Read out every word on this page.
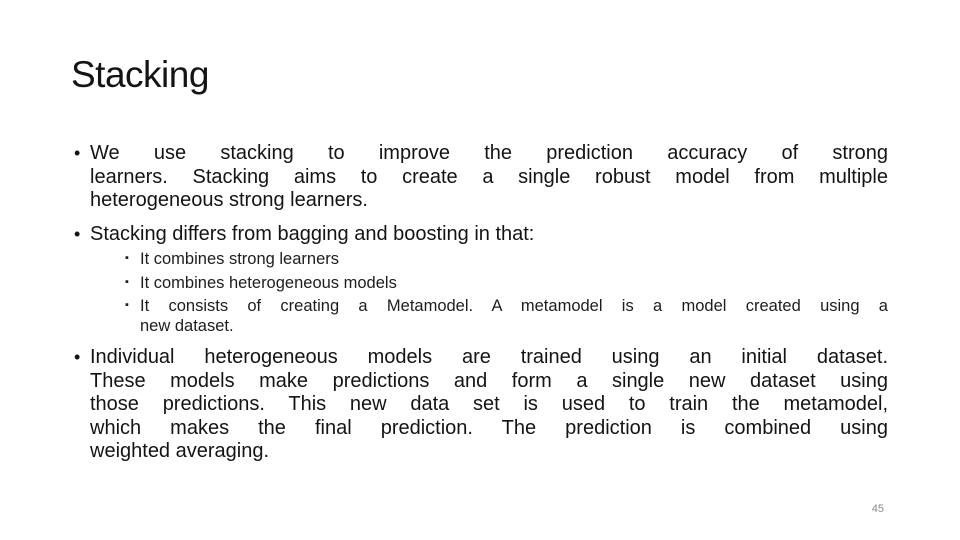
Stacking
• We use stacking to improve the prediction accuracy of strong
learners. Stacking aims to create a single robust model from multiple
heterogeneous strong learners.
• Stacking differs from bagging and boosting in that:
▪ It combines strong learners
▪ It combines heterogeneous models
▪ It consists of creating a Metamodel. A metamodel is a model created using a
new dataset.
• Individual heterogeneous models are trained using an initial dataset.
These models make predictions and form a single new dataset using
those predictions. This new data set is used to train the metamodel,
which makes the final prediction. The prediction is combined using
weighted averaging.
45
